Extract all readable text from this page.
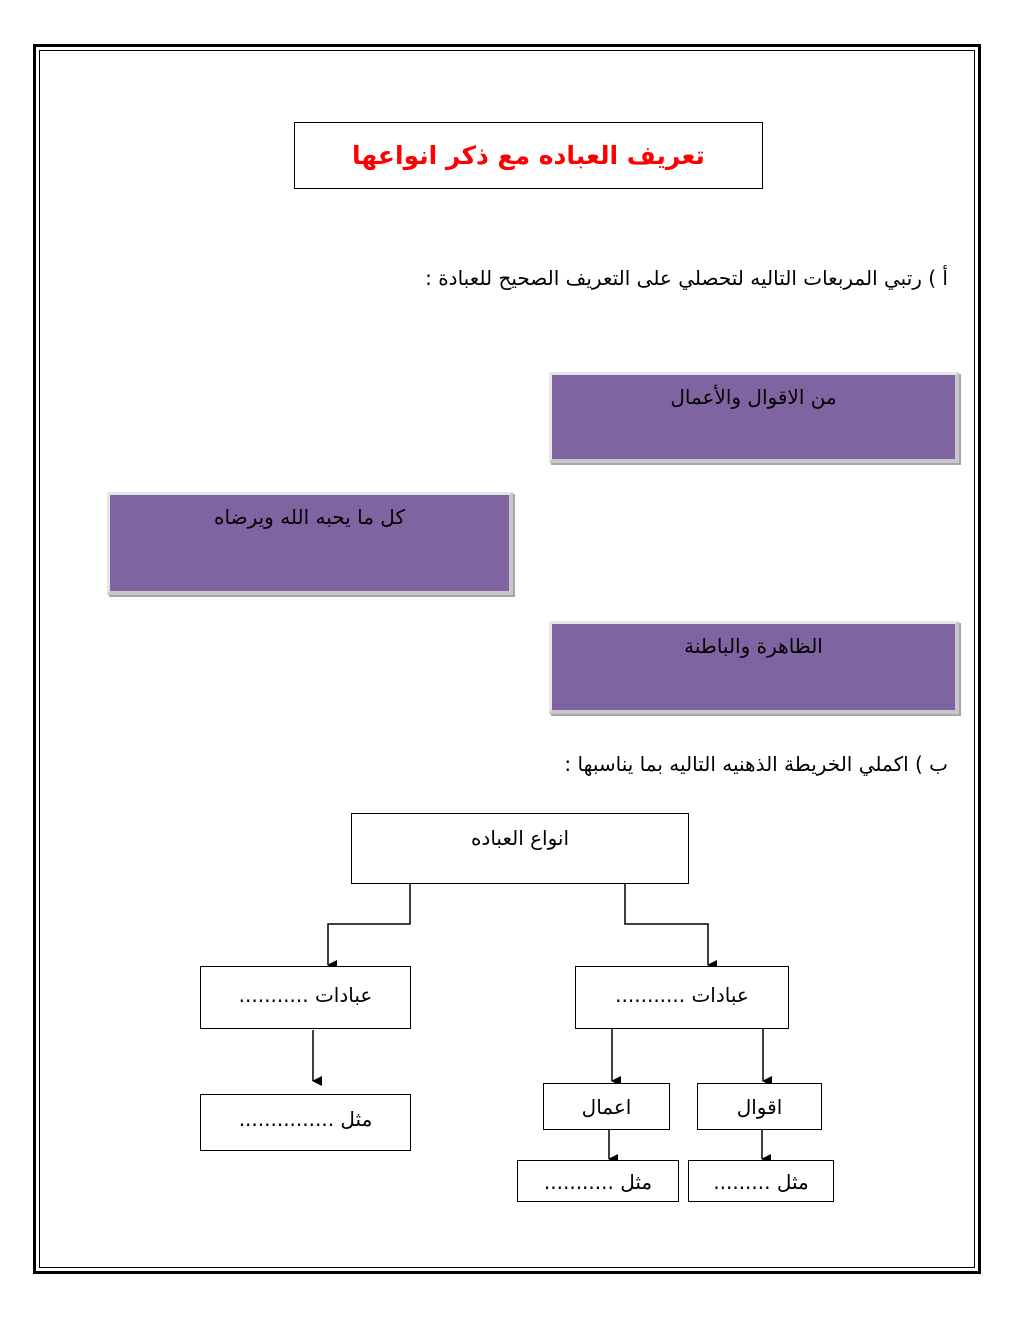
تعريف العباده مع ذكر انواعها
أ ) رتبي المربعات التاليه لتحصلي على التعريف الصحيح للعبادة :
من الاقوال والأعمال
كل ما يحبه الله ويرضاه
الظاهرة والباطنة
ب ) اكملي الخريطة الذهنيه التاليه بما يناسبها :
انواع العباده
عبادات ...........	عبادات ...........
مثل ...............	اعمال	اقوال
مثل ...........	مثل .........
